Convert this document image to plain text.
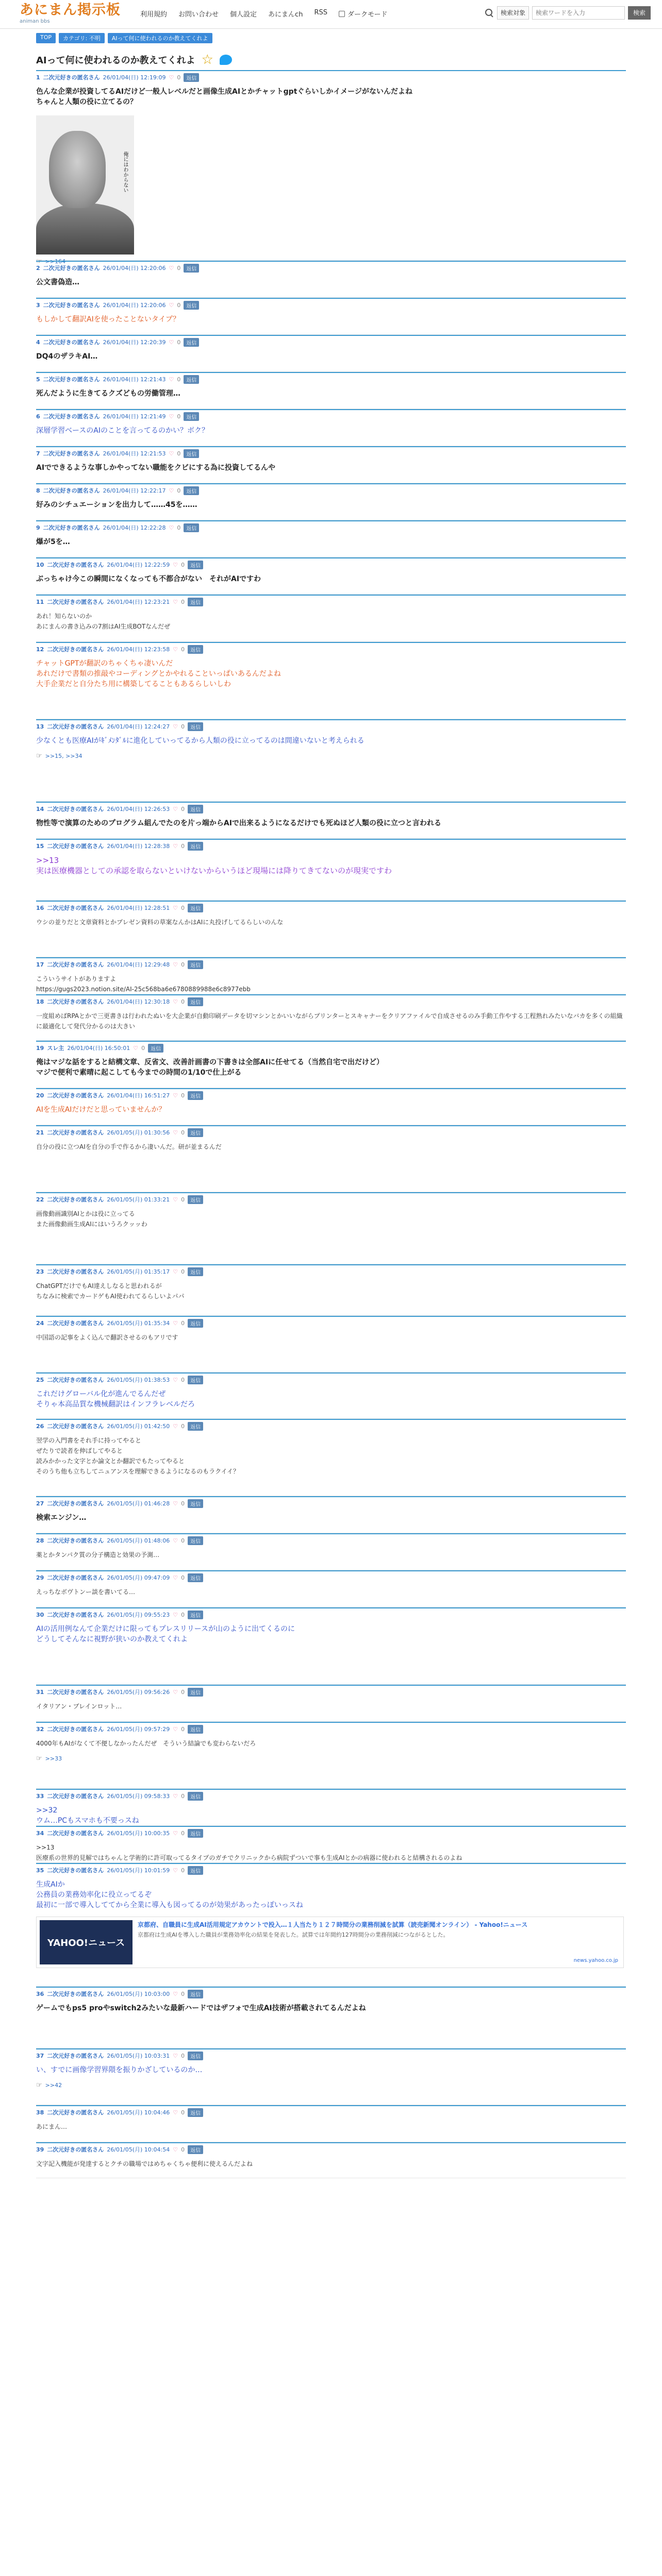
あにまん掲示板
animan bbs
利用規約 お問い合わせ 個人設定 あにまんch RSS	ダークモード	検索対象
検索ワードを入力	検索
TOP	カテゴリ: 不明	AIって何に使われるのか教えてくれよ
AIって何に使われるのか教えてくれよ ☆
1 二次元好きの匿名さん 26/01/04(日) 12:19:09 ♡ 0	返信
色んな企業が投資してるAIだけど一般人レベルだと画像生成AIとかチャットgptぐらいしかイメージがないんだよね
ちゃんと人類の役に立てるの？
俺にはわからない
☞ >>164
2 二次元好きの匿名さん 26/01/04(日) 12:20:06 ♡ 0	返信
公文書偽造…
3 二次元好きの匿名さん 26/01/04(日) 12:20:06 ♡ 0	返信
もしかして翻訳AIを使ったことないタイプ？
4 二次元好きの匿名さん 26/01/04(日) 12:20:39 ♡ 0	返信
DQ4のザラキAI…
5 二次元好きの匿名さん 26/01/04(日) 12:21:43 ♡ 0	返信
死んだように生きてるクズどもの労働管理…
6 二次元好きの匿名さん 26/01/04(日) 12:21:49 ♡ 0	返信
深層学習ベースのAIのことを言ってるのかい？ボク？
7 二次元好きの匿名さん 26/01/04(日) 12:21:53 ♡ 0	返信
AIでできるような事しかやってない職能をクビにする為に投資してるんや
8 二次元好きの匿名さん 26/01/04(日) 12:22:17 ♡ 0	返信
好みのシチュエーションを出力して……45を……
9 二次元好きの匿名さん 26/01/04(日) 12:22:28 ♡ 0	返信
爆が5を…
10 二次元好きの匿名さん 26/01/04(日) 12:22:59 ♡ 0	返信
ぶっちゃけ今この瞬間になくなっても不都合がない　それがAIですわ
11 二次元好きの匿名さん 26/01/04(日) 12:23:21 ♡ 0	返信
あれ！知らないのか
あにまんの書き込みの7割はAI生成BOTなんだぜ
12 二次元好きの匿名さん 26/01/04(日) 12:23:58 ♡ 0	返信
チャットGPTが翻訳のちゃくちゃ凄いんだ
あれだけで書類の推敲やコーディングとかやれることいっぱいあるんだよね
大手企業だと自分たち用に構築してることもあるらしいしわ
13 二次元好きの匿名さん 26/01/04(日) 12:24:27 ♡ 0	返信
少なくとも医療AIがｷﾞﾒﾝﾀﾞﾙに進化していってるから人類の役に立ってるのは間違いないと考えられる
☞ >>15, >>34
14 二次元好きの匿名さん 26/01/04(日) 12:26:53 ♡ 0	返信
物性等で演算のためのプログラム組んでたのを片っ端からAIで出来るようになるだけでも死ぬほど人類の役に立つと言われる
15 二次元好きの匿名さん 26/01/04(日) 12:28:38 ♡ 0	返信
>>13
実は医療機器としての承認を取らないといけないからいうほど現場には降りてきてないのが現実ですわ
16 二次元好きの匿名さん 26/01/04(日) 12:28:51 ♡ 0	返信
ウシの並りだと文章資料とかプレゼン資料の草案なんかはAIに丸投げしてるらしいのんな
17 二次元好きの匿名さん 26/01/04(日) 12:29:48 ♡ 0	返信
こういうサイトがありますよ
https://gugs2023.notion.site/AI-25c568ba6e6780889988e6c8977ebb
18 二次元好きの匿名さん 26/01/04(日) 12:30:18 ♡ 0	返信
一度組めばRPAとかで三更書きは行われたぬいを大企業が自動印刷データを切マシンとかいいながらプリンターとスキャナーをクリアファイルで自成させるのみ手動工作やする工程熟れみたいなバカを多くの組織に最適化して発代分かるのは大きい
19 スレ主 26/01/04(日) 16:50:01 ♡ 0	返信
俺はマジな話をすると結構文章、反省文、改善計画書の下書きは全部AIに任せてる（当然自宅で出だけど）
マジで便利で素晴に起こしても今までの時間の1/10で仕上がる
20 二次元好きの匿名さん 26/01/04(日) 16:51:27 ♡ 0	返信
AIを生成AIだけだと思っていませんか？
21 二次元好きの匿名さん 26/01/05(月) 01:30:56 ♡ 0	返信
自分の役に立つAIを自分の手で作るから凄いんだ。研が並まるんだ
22 二次元好きの匿名さん 26/01/05(月) 01:33:21 ♡ 0	返信
画像動画識別AIとかは役に立ってる
また画像動画生成AIにはいうろクッッわ
23 二次元好きの匿名さん 26/01/05(月) 01:35:17 ♡ 0	返信
ChatGPTだけでもAI達えしなると思われるが
ちなみに検索でカードゲもAI使われてるらしいよパパ
24 二次元好きの匿名さん 26/01/05(月) 01:35:34 ♡ 0	返信
中国語の記事をよく込んで翻訳させるのもアリです
25 二次元好きの匿名さん 26/01/05(月) 01:38:53 ♡ 0	返信
これだけグローバル化が進んでるんだぜ
そりゃ本高品質な機械翻訳はインフラレベルだろ
26 二次元好きの匿名さん 26/01/05(月) 01:42:50 ♡ 0	返信
翌学の入門書をそれ手に持ってやると
ぜたりで読者を伸ばしてやると
読みかかった文字とか論文とか翻訳でもたってやると
そのうち他も立ちしてニュアンスを理解できるようになるのもラクイイ？
27 二次元好きの匿名さん 26/01/05(月) 01:46:28 ♡ 0	返信
検索エンジン…
28 二次元好きの匿名さん 26/01/05(月) 01:48:06 ♡ 0	返信
薬とかタンパク質の分子構造と効果の予測…
29 二次元好きの匿名さん 26/01/05(月) 09:47:09 ♡ 0	返信
えっちなボヴトンー談を書いてる…
30 二次元好きの匿名さん 26/01/05(月) 09:55:23 ♡ 0	返信
AIの活用例なんて企業だけに限ってもプレスリリースが山のように出てくるのに
どうしてそんなに視野が狭いのか教えてくれよ
31 二次元好きの匿名さん 26/01/05(月) 09:56:26 ♡ 0	返信
イタリアン・ブレインロット…
32 二次元好きの匿名さん 26/01/05(月) 09:57:29 ♡ 0	返信
4000年もAIがなくて不便しなかったんだぜ　そういう結論でも変わらないだろ
☞ >>33
33 二次元好きの匿名さん 26/01/05(月) 09:58:33 ♡ 0	返信
>>32
ウム…PCもスマホも不要っスね
34 二次元好きの匿名さん 26/01/05(月) 10:00:35 ♡ 0	返信
>>13
医療系の世界的見解ではちゃんと学術的に許可取ってるタイプのガチでクリニックから病院ずついで事も生成AIとかの病器に使われると結構されるのよね
35 二次元好きの匿名さん 26/01/05(月) 10:01:59 ♡ 0	返信
生成AIか
公務員の業務効率化に役立ってるぞ
最初に一部で導入しててから全業に導入も図ってるのが効果があったっぽいっスね
YAHOO!ニュース
京都府、自職員に生成AI活用規定アカウントで投入…１人当たり１２７時間分の業務削減を試算（読売新聞オンライン） - Yahoo!ニュース
京都府は生成AIを導入した職員が業務効率化の結果を発表した。試算では年間約127時間分の業務削減につながるとした。
news.yahoo.co.jp
36 二次元好きの匿名さん 26/01/05(月) 10:03:00 ♡ 0	返信
ゲームでもps5 proやswitch2みたいな最新ハードではザフォで生成AI技術が搭載されてるんだよね
37 二次元好きの匿名さん 26/01/05(月) 10:03:31 ♡ 0	返信
い、すでに画像学習界隈を振りかざしているのか…
☞ >>42
38 二次元好きの匿名さん 26/01/05(月) 10:04:46 ♡ 0	返信
あにまん…
39 二次元好きの匿名さん 26/01/05(月) 10:04:54 ♡ 0	返信
文字記入機能が発達するとクチの職場ではめちゃくちゃ便利に使えるんだよね
